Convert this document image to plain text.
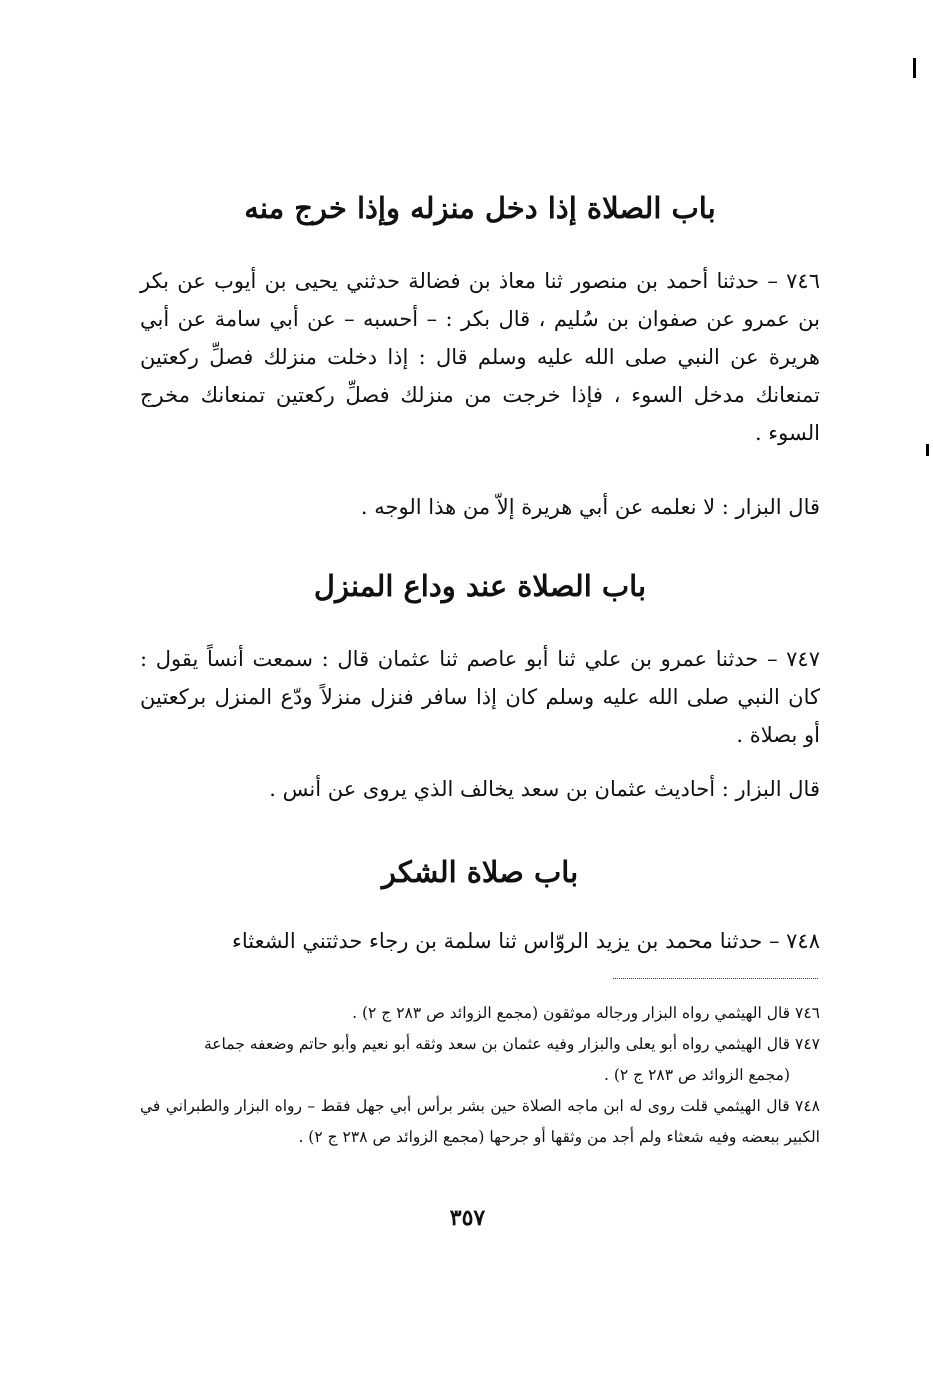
باب الصلاة إذا دخل منزله وإذا خرج منه
٧٤٦ – حدثنا أحمد بن منصور ثنا معاذ بن فضالة حدثني يحيى بن أيوب عن بكر بن عمرو عن صفوان بن سُليم ، قال بكر : – أحسبه – عن أبي سامة عن أبي هريرة عن النبي صلى الله عليه وسلم قال : إذا دخلت منزلك فصلِّ ركعتين تمنعانك مدخل السوء ، فإذا خرجت من منزلك فصلِّ ركعتين تمنعانك مخرج السوء .
قال البزار : لا نعلمه عن أبي هريرة إلاّ من هذا الوجه .
باب الصلاة عند وداع المنزل
٧٤٧ – حدثنا عمرو بن علي ثنا أبو عاصم ثنا عثمان قال : سمعت أنساً يقول : كان النبي صلى الله عليه وسلم كان إذا سافر فنزل منزلاً ودّع المنزل بركعتين أو بصلاة .
قال البزار : أحاديث عثمان بن سعد يخالف الذي يروى عن أنس .
باب صلاة الشكر
٧٤٨ – حدثنا محمد بن يزيد الروّاس ثنا سلمة بن رجاء حدثتني الشعثاء
٧٤٦ قال الهيثمي رواه البزار ورجاله موثقون (مجمع الزوائد ص ٢٨٣ ج ٢) .
٧٤٧ قال الهيثمي رواه أبو يعلى والبزار وفيه عثمان بن سعد وثقه أبو نعيم وأبو حاتم وضعفه جماعة
(مجمع الزوائد ص ٢٨٣ ج ٢) .
٧٤٨ قال الهيثمي قلت روى له ابن ماجه الصلاة حين بشر برأس أبي جهل فقط – رواه البزار والطبراني في الكبير ببعضه وفيه شعثاء ولم أجد من وثقها أو جرحها (مجمع الزوائد ص ٢٣٨ ج ٢) .
٣٥٧
